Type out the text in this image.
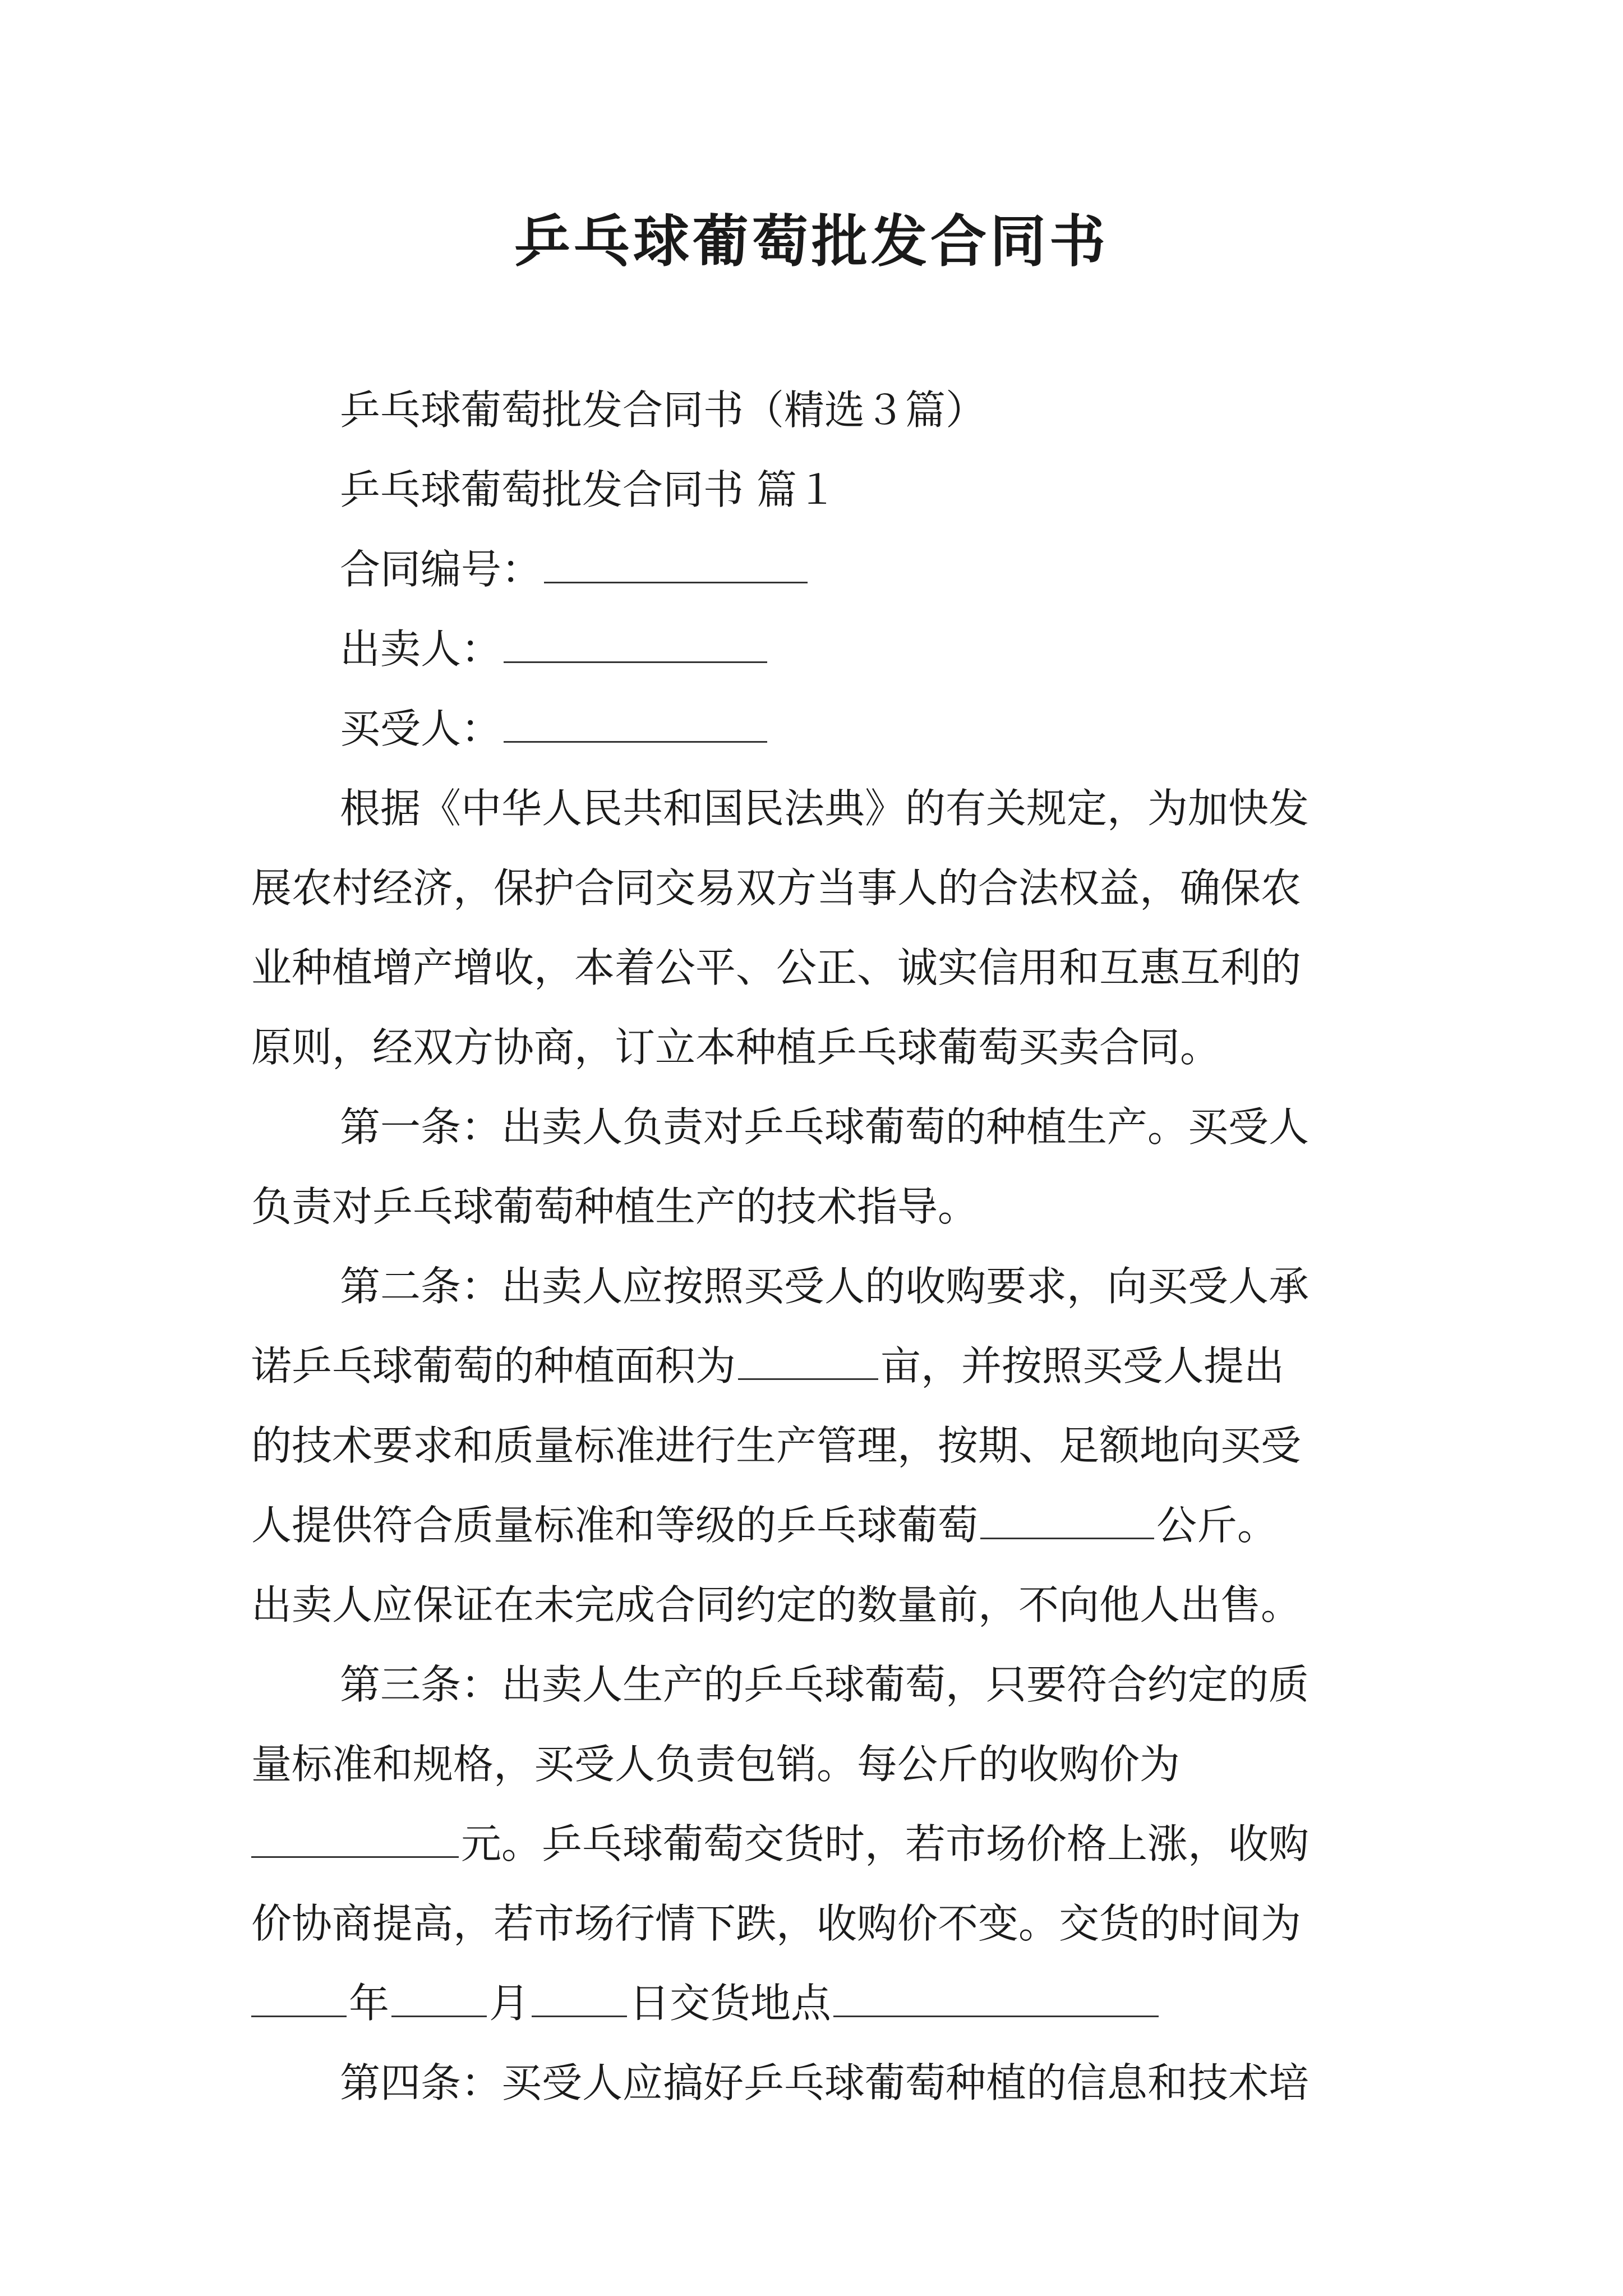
乒乓球葡萄批发合同书
乒乓球葡萄批发合同书（精选３篇）
乒乓球葡萄批发合同书 篇１
合同编号：
出卖人：
买受人：
根据《中华人民共和国民法典》的有关规定，为加快发
展农村经济，保护合同交易双方当事人的合法权益，确保农
业种植增产增收，本着公平、公正、诚实信用和互惠互利的
原则，经双方协商，订立本种植乒乓球葡萄买卖合同。
第一条：出卖人负责对乒乓球葡萄的种植生产。买受人
负责对乒乓球葡萄种植生产的技术指导。
第二条：出卖人应按照买受人的收购要求，向买受人承
诺乒乓球葡萄的种植面积为	亩，并按照买受人提出
的技术要求和质量标准进行生产管理，按期、足额地向买受
人提供符合质量标准和等级的乒乓球葡萄	公斤。
出卖人应保证在未完成合同约定的数量前，不向他人出售。
第三条：出卖人生产的乒乓球葡萄，只要符合约定的质
量标准和规格，买受人负责包销。每公斤的收购价为
元。乒乓球葡萄交货时，若市场价格上涨，收购
价协商提高，若市场行情下跌，收购价不变。交货的时间为
年 月 日交货地点
第四条：买受人应搞好乒乓球葡萄种植的信息和技术培
